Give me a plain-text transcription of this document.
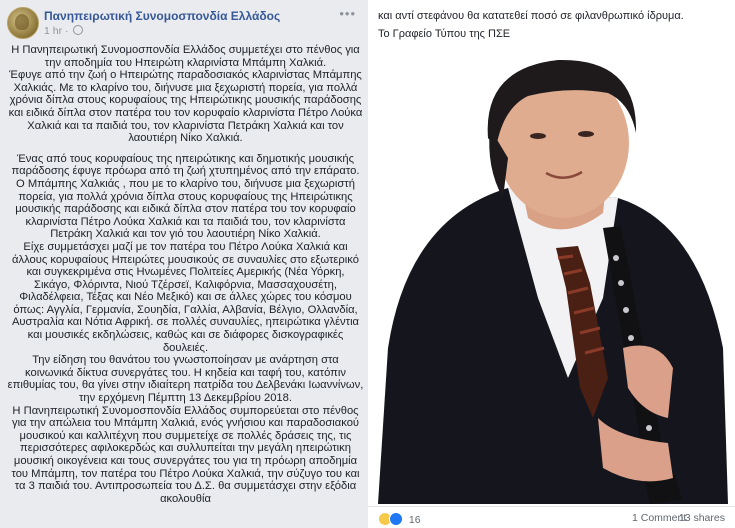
Πανηπειρωτική Συνομοσπονδία Ελλάδος
1 hr ·
•••

Η Πανηπειρωτική Συνομοσπονδία Ελλάδος συμμετέχει στο πένθος για την αποδημία του Ηπειρώτη κλαρινίστα Μπάμπη Χαλκιά.

Έφυγε από την ζωή ο Ηπειρώτης παραδοσιακός κλαρινίστας Μπάμπης Χαλκιάς. Με το κλαρίνο του, διήνυσε μια ξεχωριστή πορεία, για πολλά χρόνια δίπλα στους κορυφαίους της Ηπειρώτικης μουσικής παράδοσης και ειδικά δίπλα στον πατέρα του τον κορυφαίο κλαρινίστα Πέτρο Λούκα Χαλκιά και τα παιδιά του, τον κλαρινίστα Πετράκη Χαλκιά και τον λαουτιέρη Νίκο Χαλκιά.

Ένας από τους κορυφαίους της ηπειρώτικης και δημοτικής μουσικής παράδοσης έφυγε πρόωρα από τη ζωή χτυπημένος από την επάρατο. Ο Μπάμπης Χαλκιάς , που με το κλαρίνο του, διήνυσε μια ξεχωριστή πορεία, για πολλά χρόνια δίπλα στους κορυφαίους της Ηπειρώτικης μουσικής παράδοσης και ειδικά δίπλα στον πατέρα του τον κορυφαίο κλαρινίστα Πέτρο Λούκα Χαλκιά και τα παιδιά του, τον κλαρινίστα Πετράκη Χαλκιά και τον γιό του λαουτιέρη Νίκο Χαλκιά.

Είχε συμμετάσχει μαζί με τον πατέρα του Πέτρο Λούκα Χαλκιά και άλλους κορυφαίους Ηπειρώτες μουσικούς σε συναυλίες στο εξωτερικό και συγκεκριμένα στις Ηνωμένες Πολιτείες Αμερικής (Νέα Υόρκη, Σικάγο, Φλόριντα, Νιού Τζέρσεϊ, Καλιφόρνια, Μασσαχουσέτη, Φιλαδέλφεια, Τέξας και Νέο Μεξικό) και σε άλλες χώρες του κόσμου όπως: Αγγλία, Γερμανία, Σουηδία, Γαλλία, Αλβανία, Βέλγιο, Ολλανδία, Αυστραλία και Νότια Αφρική. σε πολλές συναυλίες, ηπειρώτικα γλέντια και μουσικές εκδηλώσεις, καθώς και σε διάφορες δισκογραφικές δουλειές.

Την είδηση του θανάτου του γνωστοποίησαν με ανάρτηση στα κοινωνικά δίκτυα συνεργάτες του. Η κηδεία και ταφή του, κατόπιν επιθυμίας του, θα γίνει στην ιδιαίτερη πατρίδα του Δελβενάκι Ιωαννίνων, την ερχόμενη Πέμπτη 13 Δεκεμβρίου 2018.

Η Πανηπειρωτική Συνομοσπονδία Ελλάδος συμπορεύεται στο πένθος για την απώλεια του Μπάμπη Χαλκιά, ενός γνήσιου και παραδοσιακού μουσικού και καλλιτέχνη που συμμετείχε σε πολλές δράσεις της, τις περισσότερες αφιλοκερδώς και συλλυπείται την μεγάλη ηπειρώτικη μουσική οικογένεια και τους συνεργάτες του για τη πρόωρη αποδημία του Μπάμπη, τον πατέρα του Πέτρο Λούκα Χαλκιά, την σύζυγο του και τα 3 παιδιά του. Αντιπροσωπεία του Δ.Σ. θα συμμετάσχει στην εξόδια ακολουθία

και αντί στεφάνου θα κατατεθεί ποσό σε φιλανθρωπικό ίδρυμα.
Το Γραφείο Τύπου της ΠΣΕ
16	1 Comment
13 shares
